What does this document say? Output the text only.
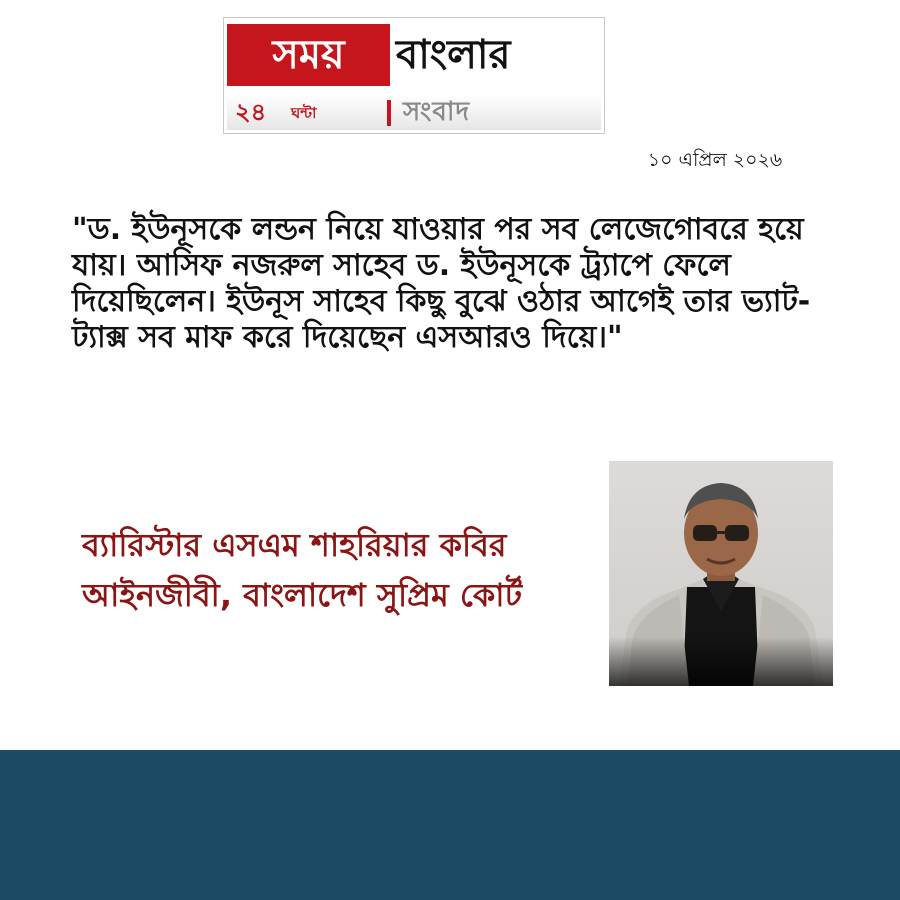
সময়	বাংলার
২৪ ঘন্টা	সংবাদ
১০ এপ্রিল ২০২৬

"ড. ইউনূসকে লন্ডন নিয়ে যাওয়ার পর সব লেজেগোবরে হয়ে যায়। আসিফ নজরুল সাহেব ড. ইউনূসকে ট্র্যাপে ফেলে দিয়েছিলেন। ইউনূস সাহেব কিছু বুঝে ওঠার আগেই তার ভ্যাট-ট্যাক্স সব মাফ করে দিয়েছেন এসআরও দিয়ে।"

ব্যারিস্টার এসএম শাহরিয়ার কবির
আইনজীবী, বাংলাদেশ সুপ্রিম কোর্ট
